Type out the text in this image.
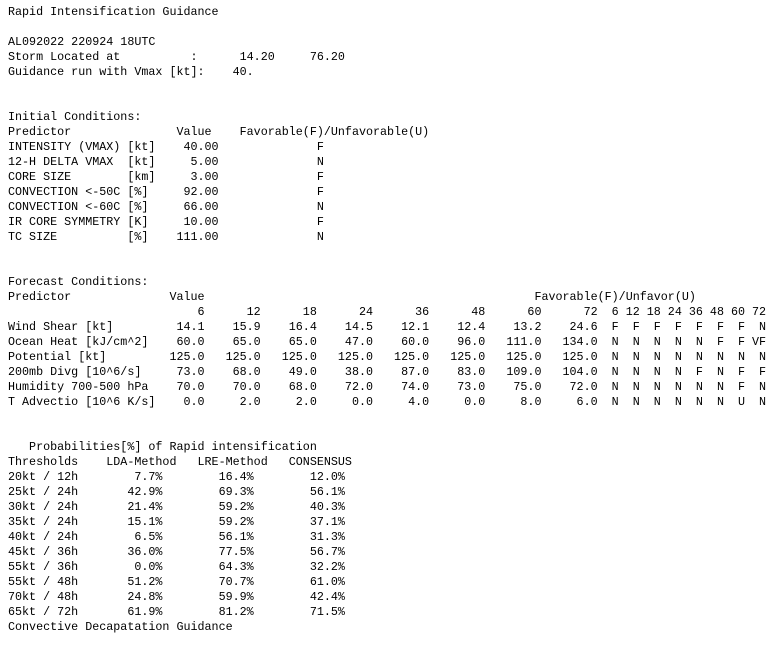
Rapid Intensification Guidance
AL092022 220924 18UTC
Storm Located at          :      14.20     76.20
Guidance run with Vmax [kt]:    40.
Initial Conditions:
Predictor               Value    Favorable(F)/Unfavorable(U)
INTENSITY (VMAX) [kt]    40.00              F
12-H DELTA VMAX  [kt]     5.00              N
CORE SIZE        [km]     3.00              F
CONVECTION <-50C [%]     92.00              F
CONVECTION <-60C [%]     66.00              N
IR CORE SYMMETRY [K]     10.00              F
TC SIZE          [%]    111.00              N
Forecast Conditions:
Predictor              Value                                               Favorable(F)/Unfavor(U)
6      12      18      24      36      48      60      72  6 12 18 24 36 48 60 72
Wind Shear [kt]         14.1    15.9    16.4    14.5    12.1    12.4    13.2    24.6  F  F  F  F  F  F  F  N
Ocean Heat [kJ/cm^2]    60.0    65.0    65.0    47.0    60.0    96.0   111.0   134.0  N  N  N  N  N  F  F VF
Potential [kt]         125.0   125.0   125.0   125.0   125.0   125.0   125.0   125.0  N  N  N  N  N  N  N  N
200mb Divg [10^6/s]     73.0    68.0    49.0    38.0    87.0    83.0   109.0   104.0  N  N  N  N  F  N  F  F
Humidity 700-500 hPa    70.0    70.0    68.0    72.0    74.0    73.0    75.0    72.0  N  N  N  N  N  N  F  N
T Advectio [10^6 K/s]    0.0     2.0     2.0     0.0     4.0     0.0     8.0     6.0  N  N  N  N  N  N  U  N
Probabilities[%] of Rapid intensification
Thresholds    LDA-Method   LRE-Method   CONSENSUS
20kt / 12h        7.7%        16.4%        12.0%
25kt / 24h       42.9%        69.3%        56.1%
30kt / 24h       21.4%        59.2%        40.3%
35kt / 24h       15.1%        59.2%        37.1%
40kt / 24h        6.5%        56.1%        31.3%
45kt / 36h       36.0%        77.5%        56.7%
55kt / 36h        0.0%        64.3%        32.2%
55kt / 48h       51.2%        70.7%        61.0%
70kt / 48h       24.8%        59.9%        42.4%
65kt / 72h       61.9%        81.2%        71.5%
Convective Decapatation Guidance
